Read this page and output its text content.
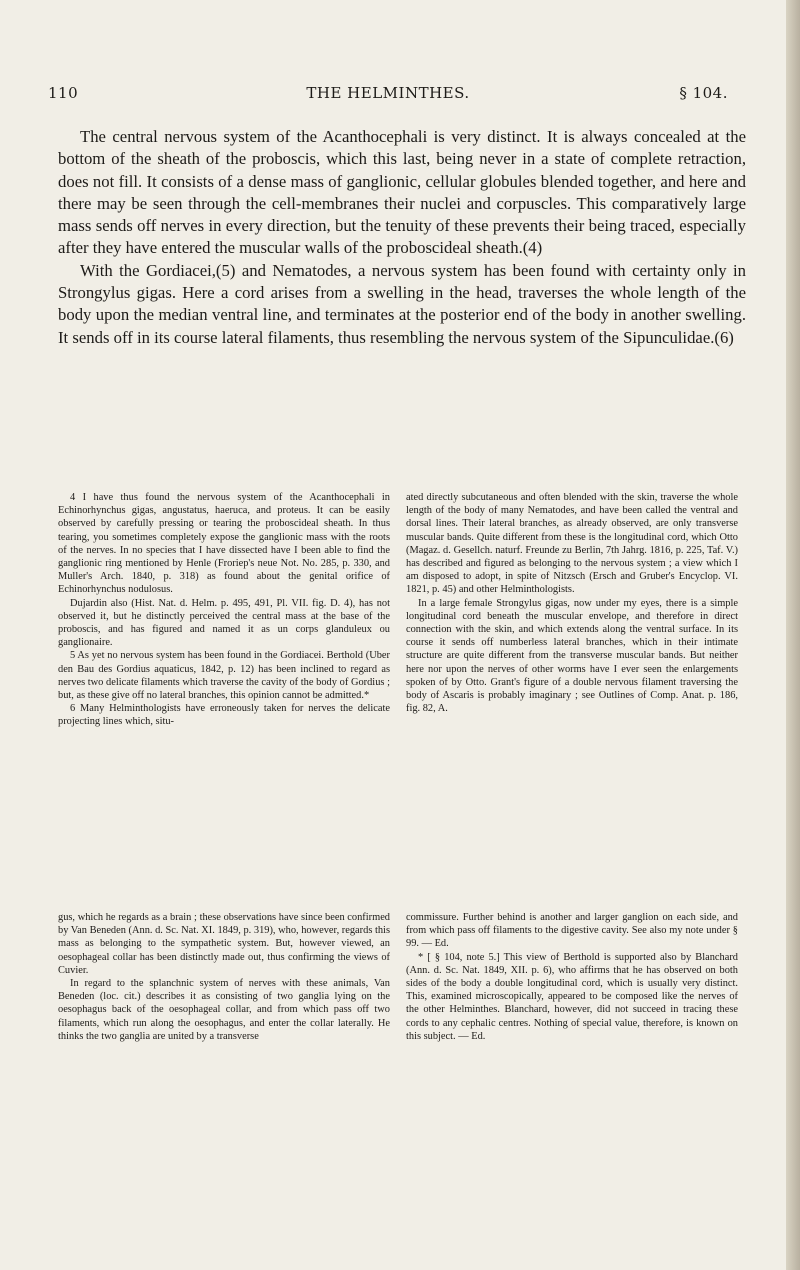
110	THE HELMINTHES.	§ 104.

The central nervous system of the Acanthocephali is very distinct. It is always concealed at the bottom of the sheath of the proboscis, which this last, being never in a state of complete retraction, does not fill. It consists of a dense mass of ganglionic, cellular globules blended together, and here and there may be seen through the cell-membranes their nuclei and corpuscles. This comparatively large mass sends off nerves in every direction, but the tenuity of these prevents their being traced, especially after they have entered the muscular walls of the proboscideal sheath.(4)

With the Gordiacei,(5) and Nematodes, a nervous system has been found with certainty only in Strongylus gigas. Here a cord arises from a swelling in the head, traverses the whole length of the body upon the median ventral line, and terminates at the posterior end of the body in another swelling. It sends off in its course lateral filaments, thus resembling the nervous system of the Sipunculidae.(6)

4 I have thus found the nervous system of the Acanthocephali in Echinorhynchus gigas, angustatus, haeruca, and proteus. It can be easily observed by carefully pressing or tearing the proboscideal sheath. In thus tearing, you sometimes completely expose the ganglionic mass with the roots of the nerves. In no species that I have dissected have I been able to find the ganglionic ring mentioned by Henle (Froriep's neue Not. No. 285, p. 330, and Muller's Arch. 1840, p. 318) as found about the genital orifice of Echinorhynchus nodulosus.

Dujardin also (Hist. Nat. d. Helm. p. 495, 491, Pl. VII. fig. D. 4), has not observed it, but he distinctly perceived the central mass at the base of the proboscis, and has figured and named it as un corps glanduleux ou ganglionaire.

5 As yet no nervous system has been found in the Gordiacei. Berthold (Uber den Bau des Gordius aquaticus, 1842, p. 12) has been inclined to regard as nerves two delicate filaments which traverse the cavity of the body of Gordius ; but, as these give off no lateral branches, this opinion cannot be admitted.*

6 Many Helminthologists have erroneously taken for nerves the delicate projecting lines which, situ-

ated directly subcutaneous and often blended with the skin, traverse the whole length of the body of many Nematodes, and have been called the ventral and dorsal lines. Their lateral branches, as already observed, are only transverse muscular bands. Quite different from these is the longitudinal cord, which Otto (Magaz. d. Gesellch. naturf. Freunde zu Berlin, 7th Jahrg. 1816, p. 225, Taf. V.) has described and figured as belonging to the nervous system ; a view which I am disposed to adopt, in spite of Nitzsch (Ersch and Gruber's Encyclop. VI. 1821, p. 45) and other Helminthologists.

In a large female Strongylus gigas, now under my eyes, there is a simple longitudinal cord beneath the muscular envelope, and therefore in direct connection with the skin, and which extends along the ventral surface. In its course it sends off numberless lateral branches, which in their intimate structure are quite different from the transverse muscular bands. But neither here nor upon the nerves of other worms have I ever seen the enlargements spoken of by Otto. Grant's figure of a double nervous filament traversing the body of Ascaris is probably imaginary ; see Outlines of Comp. Anat. p. 186, fig. 82, A.

gus, which he regards as a brain ; these observations have since been confirmed by Van Beneden (Ann. d. Sc. Nat. XI. 1849, p. 319), who, however, regards this mass as belonging to the sympathetic system. But, however viewed, an oesophageal collar has been distinctly made out, thus confirming the views of Cuvier.

In regard to the splanchnic system of nerves with these animals, Van Beneden (loc. cit.) describes it as consisting of two ganglia lying on the oesophagus back of the oesophageal collar, and from which pass off two filaments, which run along the oesophagus, and enter the collar laterally. He thinks the two ganglia are united by a transverse

commissure. Further behind is another and larger ganglion on each side, and from which pass off filaments to the digestive cavity. See also my note under § 99. — Ed.

* [ § 104, note 5.] This view of Berthold is supported also by Blanchard (Ann. d. Sc. Nat. 1849, XII. p. 6), who affirms that he has observed on both sides of the body a double longitudinal cord, which is usually very distinct. This, examined microscopically, appeared to be composed like the nerves of the other Helminthes. Blanchard, however, did not succeed in tracing these cords to any cephalic centres. Nothing of special value, therefore, is known on this subject. — Ed.
